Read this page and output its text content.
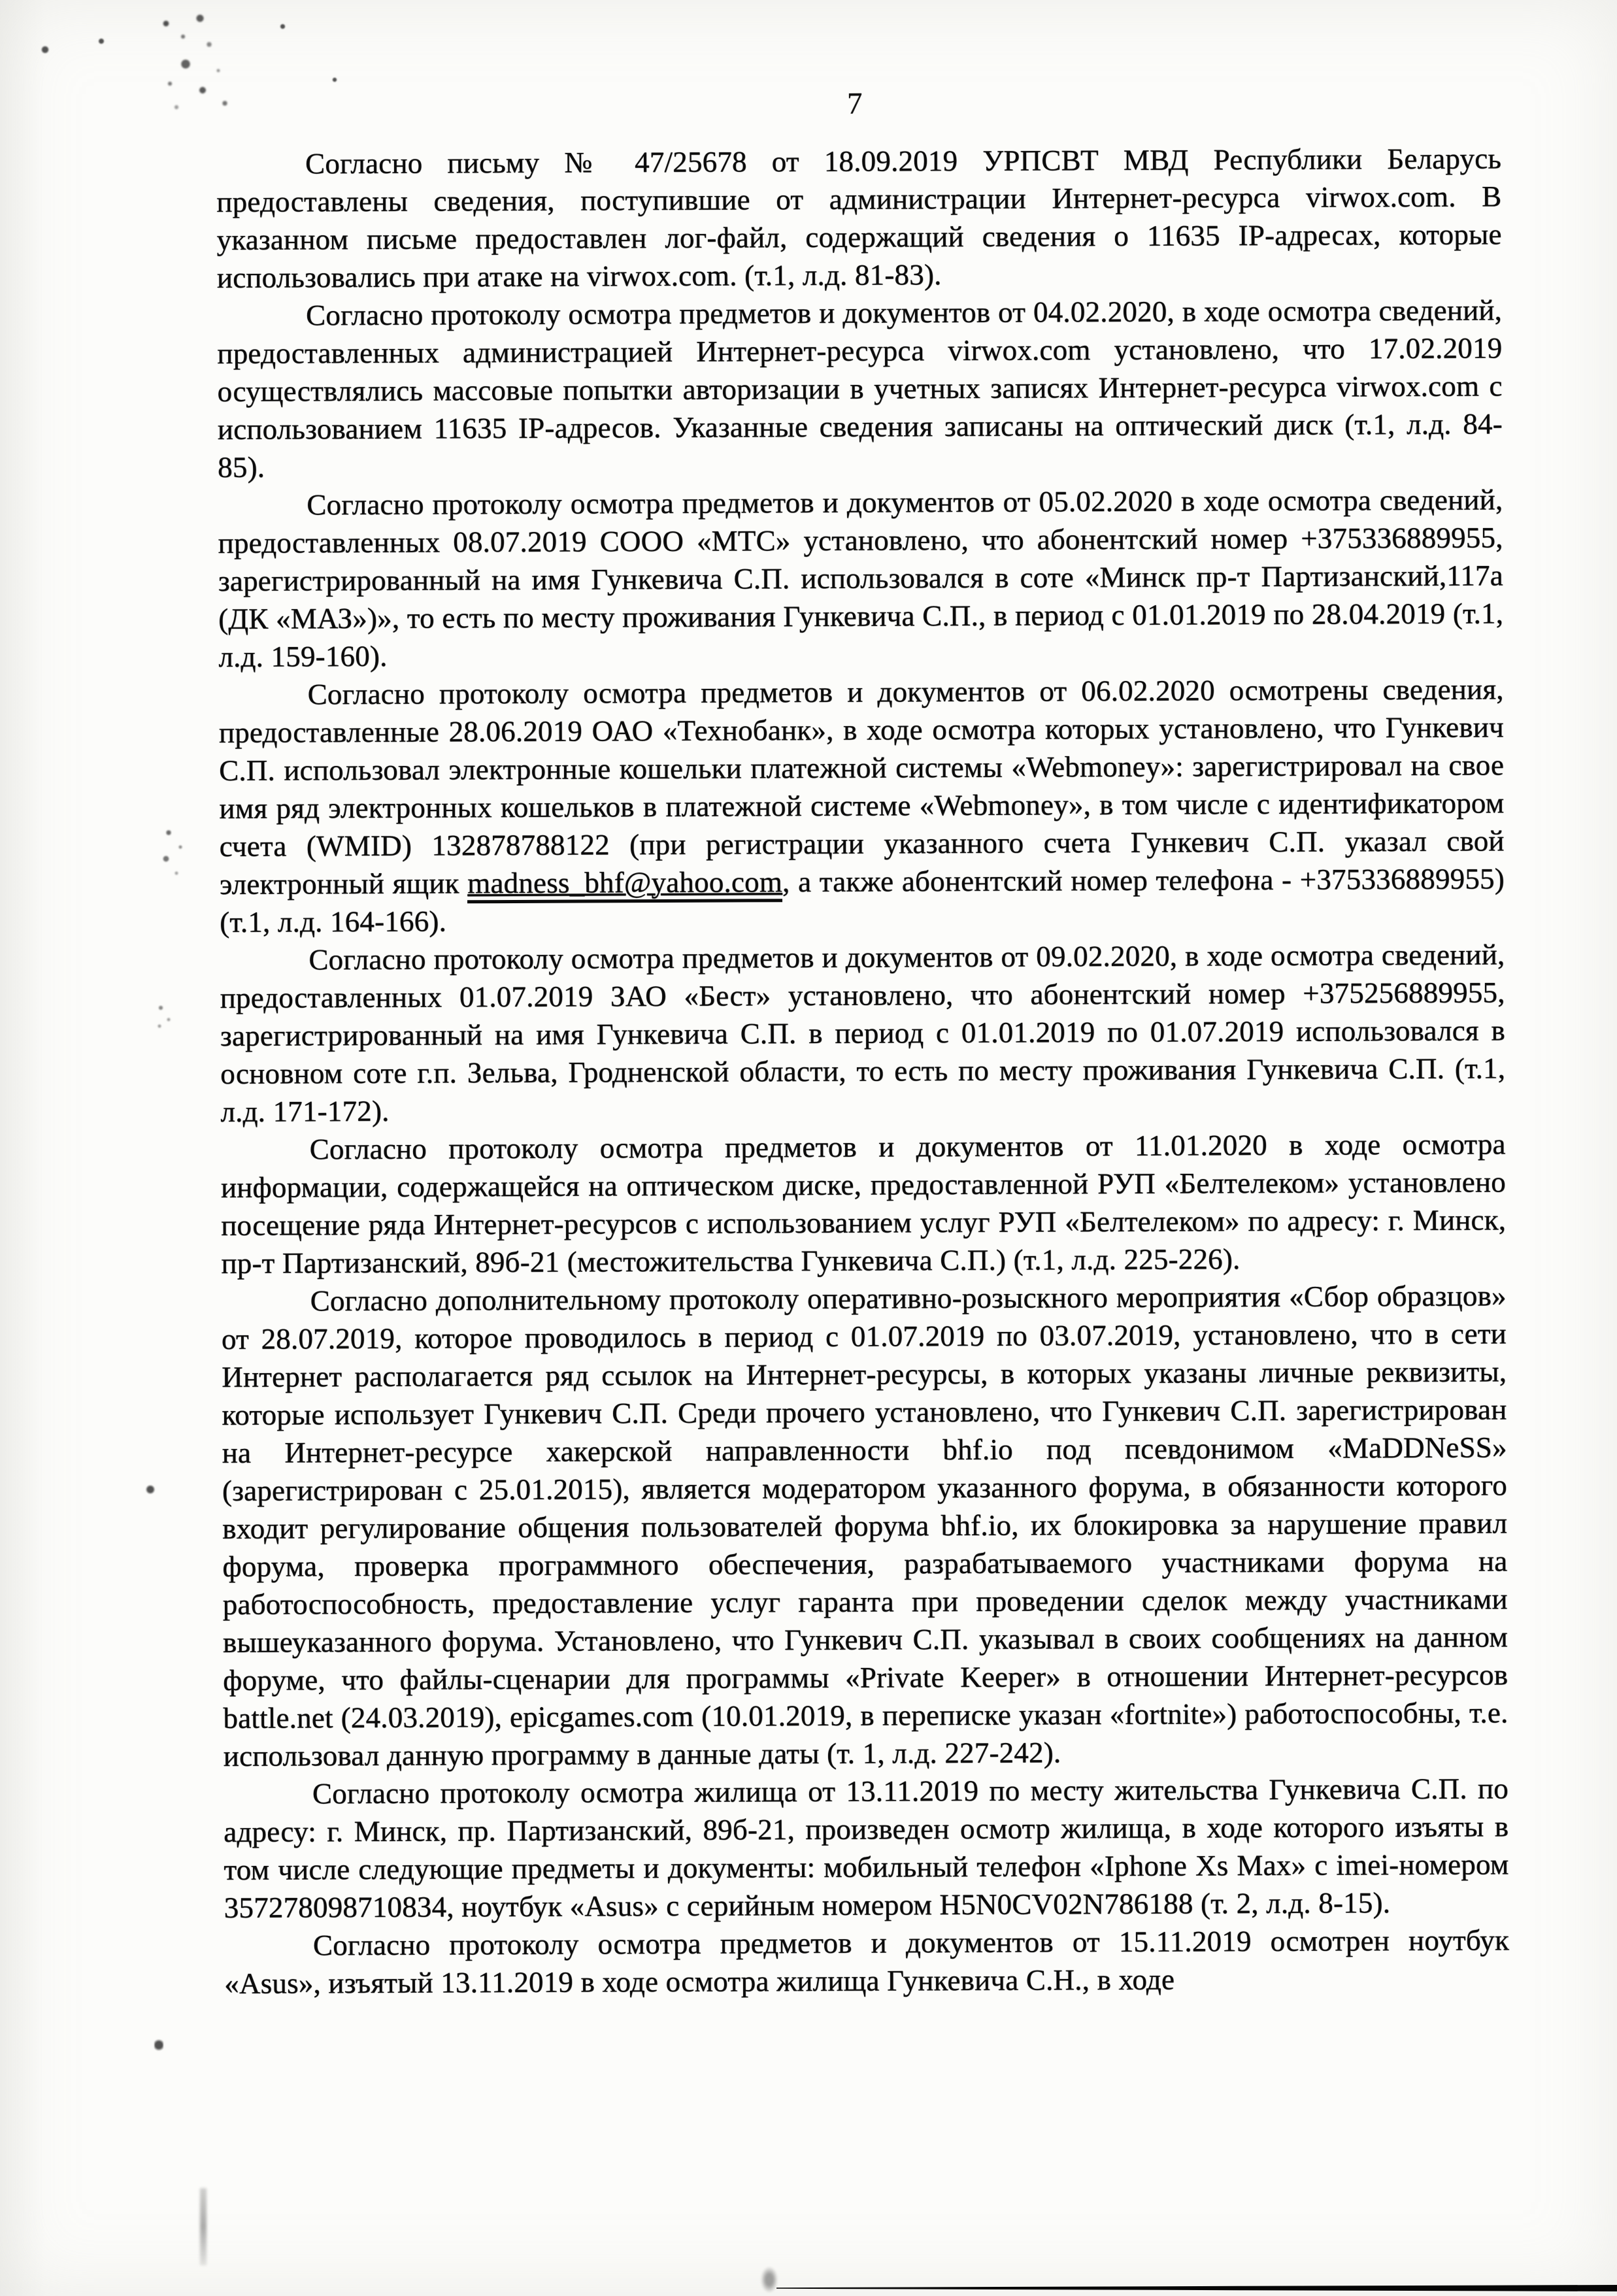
7

Согласно письму № 47/25678 от 18.09.2019 УРПСВТ МВД Республики Беларусь предоставлены сведения, поступившие от администрации Интернет-ресурса virwox.com. В указанном письме предоставлен лог-файл, содержащий сведения о 11635 IP-адресах, которые использовались при атаке на virwox.com. (т.1, л.д. 81-83).

Согласно протоколу осмотра предметов и документов от 04.02.2020, в ходе осмотра сведений, предоставленных администрацией Интернет-ресурса virwox.com установлено, что 17.02.2019 осуществлялись массовые попытки авторизации в учетных записях Интернет-ресурса virwox.com с использованием 11635 IP-адресов. Указанные сведения записаны на оптический диск (т.1, л.д. 84-85).

Согласно протоколу осмотра предметов и документов от 05.02.2020 в ходе осмотра сведений, предоставленных 08.07.2019 СООО «МТС» установлено, что абонентский номер +375336889955, зарегистрированный на имя Гункевича С.П. использовался в соте «Минск пр-т Партизанский,117а (ДК «МАЗ»)», то есть по месту проживания Гункевича С.П., в период с 01.01.2019 по 28.04.2019 (т.1, л.д. 159-160).

Согласно протоколу осмотра предметов и документов от 06.02.2020 осмотрены сведения, предоставленные 28.06.2019 ОАО «Технобанк», в ходе осмотра которых установлено, что Гункевич С.П. использовал электронные кошельки платежной системы «Webmoney»: зарегистрировал на свое имя ряд электронных кошельков в платежной системе «Webmoney», в том числе с идентификатором счета (WMID) 132878788122 (при регистрации указанного счета Гункевич С.П. указал свой электронный ящик madness_bhf@yahoo.com, а также абонентский номер телефона - +375336889955) (т.1, л.д. 164-166).

Согласно протоколу осмотра предметов и документов от 09.02.2020, в ходе осмотра сведений, предоставленных 01.07.2019 ЗАО «Бест» установлено, что абонентский номер +375256889955, зарегистрированный на имя Гункевича С.П. в период с 01.01.2019 по 01.07.2019 использовался в основном соте г.п. Зельва, Гродненской области, то есть по месту проживания Гункевича С.П. (т.1, л.д. 171-172).

Согласно протоколу осмотра предметов и документов от 11.01.2020 в ходе осмотра информации, содержащейся на оптическом диске, предоставленной РУП «Белтелеком» установлено посещение ряда Интернет-ресурсов с использованием услуг РУП «Белтелеком» по адресу: г. Минск, пр-т Партизанский, 89б-21 (местожительства Гункевича С.П.) (т.1, л.д. 225-226).

Согласно дополнительному протоколу оперативно-розыскного мероприятия «Сбор образцов» от 28.07.2019, которое проводилось в период с 01.07.2019 по 03.07.2019, установлено, что в сети Интернет располагается ряд ссылок на Интернет-ресурсы, в которых указаны личные реквизиты, которые использует Гункевич С.П. Среди прочего установлено, что Гункевич С.П. зарегистрирован на Интернет-ресурсе хакерской направленности bhf.io под псевдонимом «MaDDNeSS» (зарегистрирован с 25.01.2015), является модератором указанного форума, в обязанности которого входит регулирование общения пользователей форума bhf.io, их блокировка за нарушение правил форума, проверка программного обеспечения, разрабатываемого участниками форума на работоспособность, предоставление услуг гаранта при проведении сделок между участниками вышеуказанного форума. Установлено, что Гункевич С.П. указывал в своих сообщениях на данном форуме, что файлы-сценарии для программы «Private Keeper» в отношении Интернет-ресурсов battle.net (24.03.2019), epicgames.com (10.01.2019, в переписке указан «fortnite») работоспособны, т.е. использовал данную программу в данные даты (т. 1, л.д. 227-242).

Согласно протоколу осмотра жилища от 13.11.2019 по месту жительства Гункевича С.П. по адресу: г. Минск, пр. Партизанский, 89б-21, произведен осмотр жилища, в ходе которого изъяты в том числе следующие предметы и документы: мобильный телефон «Iphone Xs Max» с imei-номером 357278098710834, ноутбук «Asus» с серийным номером H5N0CV02N786188 (т. 2, л.д. 8-15).

Согласно протоколу осмотра предметов и документов от 15.11.2019 осмотрен ноутбук «Asus», изъятый 13.11.2019 в ходе осмотра жилища Гункевича С.Н., в ходе
